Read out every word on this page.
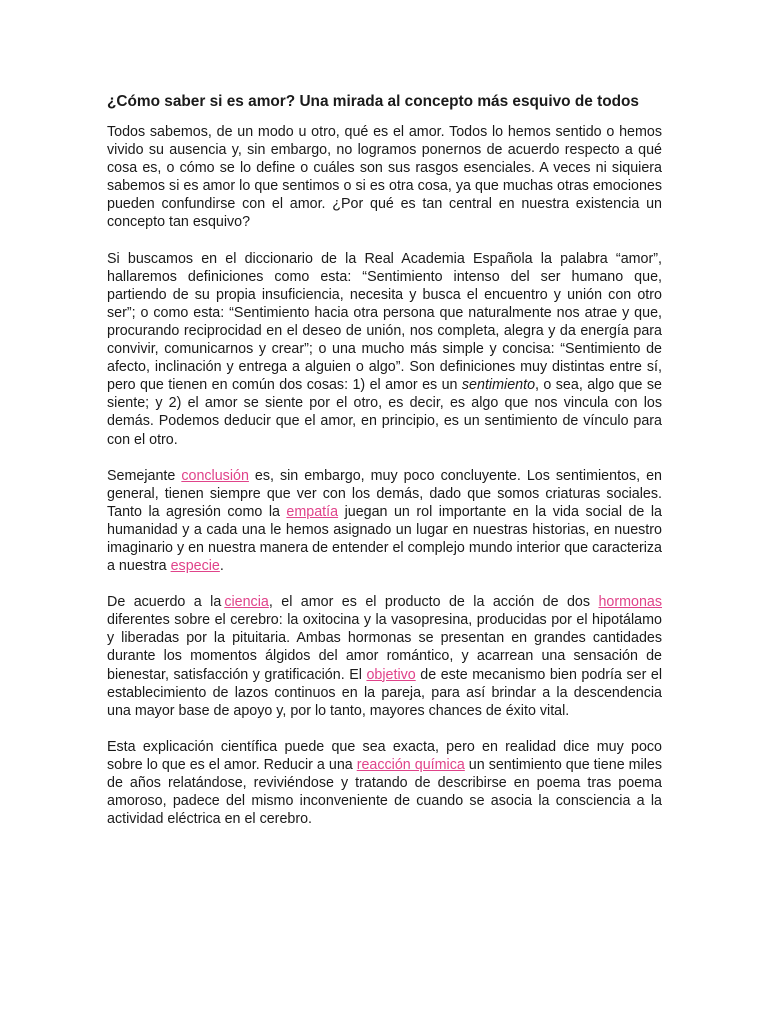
¿Cómo saber si es amor? Una mirada al concepto más esquivo de todos

Todos sabemos, de un modo u otro, qué es el amor. Todos lo hemos sentido o hemos vivido su ausencia y, sin embargo, no logramos ponernos de acuerdo respecto a qué cosa es, o cómo se lo define o cuáles son sus rasgos esenciales. A veces ni siquiera sabemos si es amor lo que sentimos o si es otra cosa, ya que muchas otras emociones pueden confundirse con el amor. ¿Por qué es tan central en nuestra existencia un concepto tan esquivo?

Si buscamos en el diccionario de la Real Academia Española la palabra “amor”, hallaremos definiciones como esta: “Sentimiento intenso del ser humano que, partiendo de su propia insuficiencia, necesita y busca el encuentro y unión con otro ser”; o como esta: “Sentimiento hacia otra persona que naturalmente nos atrae y que, procurando reciprocidad en el deseo de unión, nos completa, alegra y da energía para convivir, comunicarnos y crear”; o una mucho más simple y concisa: “Sentimiento de afecto, inclinación y entrega a alguien o algo”. Son definiciones muy distintas entre sí, pero que tienen en común dos cosas: 1) el amor es un sentimiento, o sea, algo que se siente; y 2) el amor se siente por el otro, es decir, es algo que nos vincula con los demás. Podemos deducir que el amor, en principio, es un sentimiento de vínculo para con el otro.

Semejante conclusión es, sin embargo, muy poco concluyente. Los sentimientos, en general, tienen siempre que ver con los demás, dado que somos criaturas sociales. Tanto la agresión como la empatía juegan un rol importante en la vida social de la humanidad y a cada una le hemos asignado un lugar en nuestras historias, en nuestro imaginario y en nuestra manera de entender el complejo mundo interior que caracteriza a nuestra especie.

De acuerdo a la ciencia, el amor es el producto de la acción de dos hormonas diferentes sobre el cerebro: la oxitocina y la vasopresina, producidas por el hipotálamo y liberadas por la pituitaria. Ambas hormonas se presentan en grandes cantidades durante los momentos álgidos del amor romántico, y acarrean una sensación de bienestar, satisfacción y gratificación. El objetivo de este mecanismo bien podría ser el establecimiento de lazos continuos en la pareja, para así brindar a la descendencia una mayor base de apoyo y, por lo tanto, mayores chances de éxito vital.

Esta explicación científica puede que sea exacta, pero en realidad dice muy poco sobre lo que es el amor. Reducir a una reacción química un sentimiento que tiene miles de años relatándose, reviviéndose y tratando de describirse en poema tras poema amoroso, padece del mismo inconveniente de cuando se asocia la consciencia a la actividad eléctrica en el cerebro.
